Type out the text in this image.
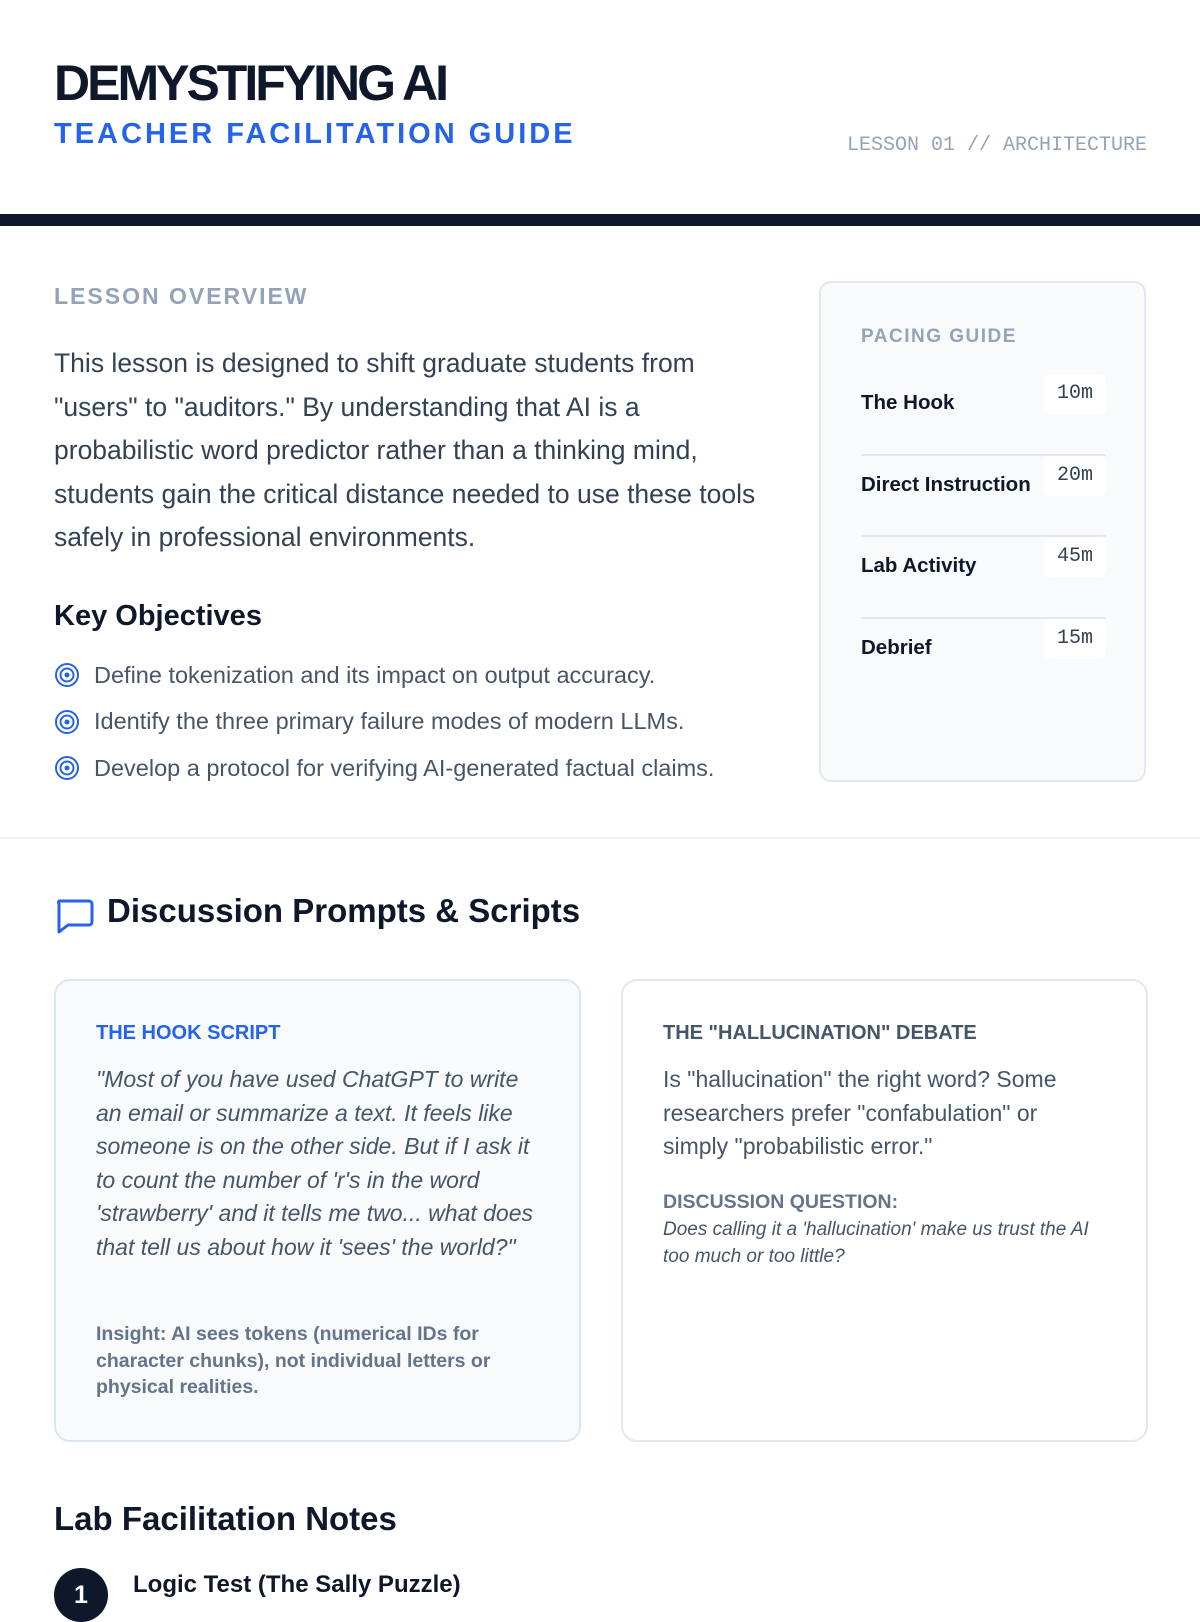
DEMYSTIFYING AI
TEACHER FACILITATION GUIDE	LESSON 01 // ARCHITECTURE
LESSON OVERVIEW

This lesson is designed to shift graduate students from "users" to "auditors." By understanding that AI is a probabilistic word predictor rather than a thinking mind, students gain the critical distance needed to use these tools safely in professional environments.

Key Objectives
Define tokenization and its impact on output accuracy.
Identify the three primary failure modes of modern LLMs.
Develop a protocol for verifying AI-generated factual claims.
PACING GUIDE
The Hook	10m
Direct Instruction	20m
Lab Activity	45m
Debrief	15m
Discussion Prompts & Scripts
THE HOOK SCRIPT

"Most of you have used ChatGPT to write an email or summarize a text. It feels like someone is on the other side. But if I ask it to count the number of 'r's in the word 'strawberry' and it tells me two... what does that tell us about how it 'sees' the world?"

Insight: AI sees tokens (numerical IDs for character chunks), not individual letters or physical realities.

THE "HALLUCINATION" DEBATE

Is "hallucination" the right word? Some researchers prefer "confabulation" or simply "probabilistic error."

DISCUSSION QUESTION:

Does calling it a 'hallucination' make us trust the AI too much or too little?

Lab Facilitation Notes
1	Logic Test (The Sally Puzzle)
